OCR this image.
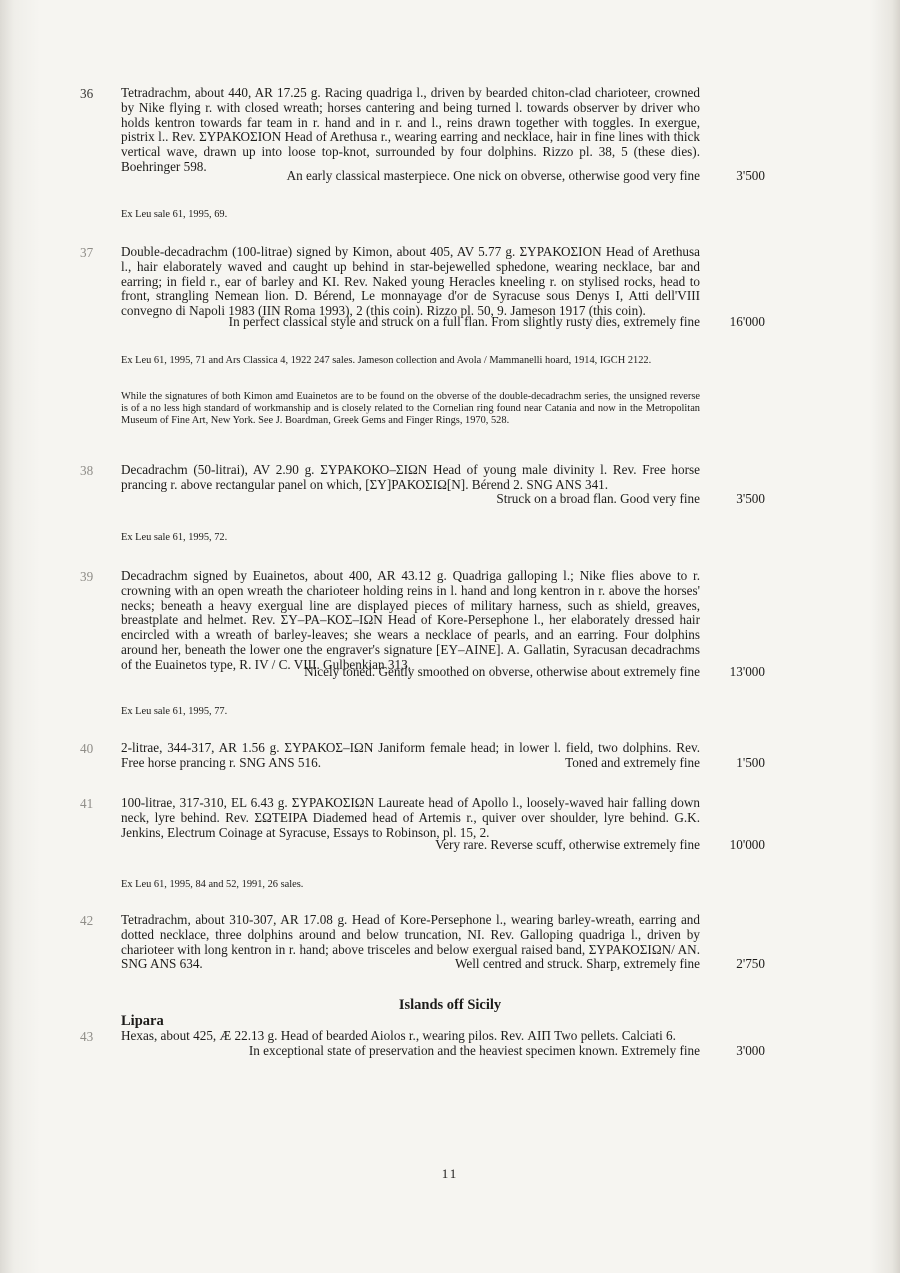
36 Tetradrachm, about 440, AR 17.25 g. Racing quadriga l., driven by bearded chiton-clad charioteer, crowned by Nike flying r. with closed wreath; horses cantering and being turned l. towards observer by driver who holds kentron towards far team in r. hand and in r. and l., reins drawn together with toggles. In exergue, pistrix l.. Rev. ΣΥΡΑΚΟΣΙΟΝ Head of Arethusa r., wearing earring and necklace, hair in fine lines with thick vertical wave, drawn up into loose top-knot, surrounded by four dolphins. Rizzo pl. 38, 5 (these dies). Boehringer 598.

An early classical masterpiece. One nick on obverse, otherwise good very fine	3'500
Ex Leu sale 61, 1995, 69.
37 Double-decadrachm (100-litrae) signed by Kimon, about 405, AV 5.77 g. ΣΥΡΑΚΟΣΙΟΝ Head of Arethusa l., hair elaborately waved and caught up behind in star-bejewelled sphedone, wearing necklace, bar and earring; in field r., ear of barley and KI. Rev. Naked young Heracles kneeling r. on stylised rocks, head to front, strangling Nemean lion. D. Bérend, Le monnayage d'or de Syracuse sous Denys I, Atti dell'VIII convegno di Napoli 1983 (IIN Roma 1993), 2 (this coin). Rizzo pl. 50, 9. Jameson 1917 (this coin).

In perfect classical style and struck on a full flan. From slightly rusty dies, extremely fine 16'000
Ex Leu 61, 1995, 71 and Ars Classica 4, 1922 247 sales. Jameson collection and Avola / Mammanelli hoard, 1914, IGCH 2122.
While the signatures of both Kimon amd Euainetos are to be found on the obverse of the double-decadrachm series, the unsigned reverse is of a no less high standard of workmanship and is closely related to the Cornelian ring found near Catania and now in the Metropolitan Museum of Fine Art, New York. See J. Boardman, Greek Gems and Finger Rings, 1970, 528.
38 Decadrachm (50-litrai), AV 2.90 g. ΣΥΡΑΚΟΚΟ–ΣΙΩΝ Head of young male divinity l. Rev. Free horse prancing r. above rectangular panel on which, [ΣΥ]ΡΑΚΟΣΙΩ[Ν]. Bérend 2. SNG ANS 341.

Struck on a broad flan. Good very fine	3'500
Ex Leu sale 61, 1995, 72.
39 Decadrachm signed by Euainetos, about 400, AR 43.12 g. Quadriga galloping l.; Nike flies above to r. crowning with an open wreath the charioteer holding reins in l. hand and long kentron in r. above the horses' necks; beneath a heavy exergual line are displayed pieces of military harness, such as shield, greaves, breastplate and helmet. Rev. ΣΥ–ΡΑ–ΚΟΣ–ΙΩΝ Head of Kore-Persephone l., her elaborately dressed hair encircled with a wreath of barley-leaves; she wears a necklace of pearls, and an earring. Four dolphins around her, beneath the lower one the engraver's signature [ΕΥ–ΑΙΝΕ]. A. Gallatin, Syracusan decadrachms of the Euainetos type, R. IV / C. VIII. Gulbenkian 313.

Nicely toned. Gently smoothed on obverse, otherwise about extremely fine 13'000
Ex Leu sale 61, 1995, 77.
40 2-litrae, 344-317, AR 1.56 g. ΣΥΡΑΚΟΣ–ΙΩΝ Janiform female head; in lower l. field, two dolphins. Rev. Free horse prancing r. SNG ANS 516.	Toned and extremely fine	1'500
41 100-litrae, 317-310, EL 6.43 g. ΣΥΡΑΚΟΣΙΩΝ Laureate head of Apollo l., loosely-waved hair falling down neck, lyre behind. Rev. ΣΩΤΕΙΡΑ Diademed head of Artemis r., quiver over shoulder, lyre behind. G.K. Jenkins, Electrum Coinage at Syracuse, Essays to Robinson, pl. 15, 2.

Very rare. Reverse scuff, otherwise extremely fine 10'000
Ex Leu 61, 1995, 84 and 52, 1991, 26 sales.
42 Tetradrachm, about 310-307, AR 17.08 g. Head of Kore-Persephone l., wearing barley-wreath, earring and dotted necklace, three dolphins around and below truncation, NI. Rev. Galloping quadriga l., driven by charioteer with long kentron in r. hand; above trisceles and below exergual raised band, ΣΥΡΑΚΟΣΙΩΝ/ ΑΝ. SNG ANS 634.	Well centred and struck. Sharp, extremely fine	2'750
Islands off Sicily
Lipara
43 Hexas, about 425, Æ 22.13 g. Head of bearded Aiolos r., wearing pilos. Rev. ΑΙΠ Two pellets. Calciati 6.

In exceptional state of preservation and the heaviest specimen known. Extremely fine	3'000
11
